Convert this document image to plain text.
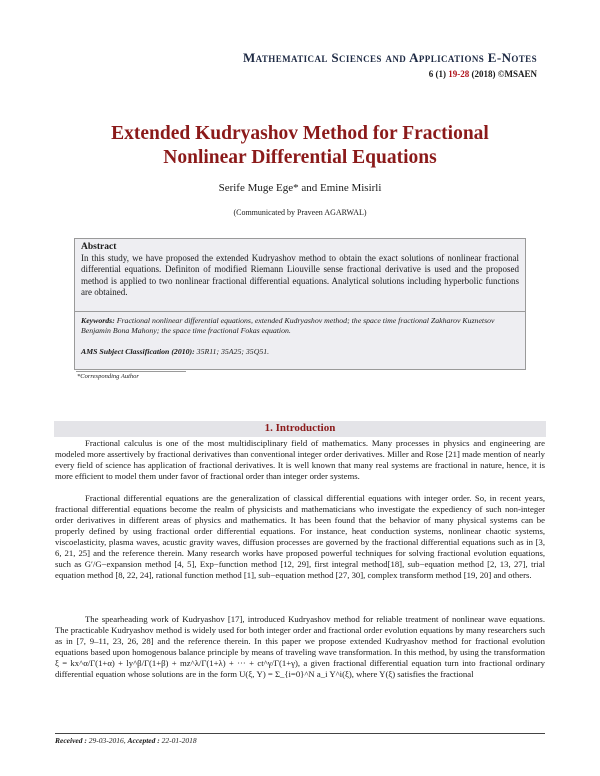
Mathematical Sciences and Applications E-Notes
6 (1) 19-28 (2018) ©MSAEN
Extended Kudryashov Method for Fractional
Nonlinear Differential Equations
Serife Muge Ege* and Emine Misirli
(Communicated by Praveen AGARWAL)
Abstract
In this study, we have proposed the extended Kudryashov method to obtain the exact solutions of nonlinear fractional differential equations. Definiton of modified Riemann Liouville sense fractional derivative is used and the proposed method is applied to two nonlinear fractional differential equations. Analytical solutions including hyperbolic functions are obtained.
Keywords: Fractional nonlinear differential equations, extended Kudryashov method; the space time fractional Zakharov Kuznetsov Benjamin Bona Mahony; the space time fractional Fokas equation.
AMS Subject Classification (2010): 35R11; 35A25; 35Q51.
*Corresponding Author
1. Introduction
Fractional calculus is one of the most multidisciplinary field of mathematics. Many processes in physics and engineering are modeled more assertively by fractional derivatives than conventional integer order derivatives. Miller and Rose [21] made mention of nearly every field of science has application of fractional derivatives. It is well known that many real systems are fractional in nature, hence, it is more efficient to model them under favor of fractional order than integer order systems.
Fractional differential equations are the generalization of classical differential equations with integer order. So, in recent years, fractional differential equations become the realm of physicists and mathematicians who investigate the expediency of such non-integer order derivatives in different areas of physics and mathematics. It has been found that the behavior of many physical systems can be properly defined by using fractional order differential equations. For instance, heat conduction systems, nonlinear chaotic systems, viscoelasticity, plasma waves, acustic gravity waves, diffusion processes are governed by the fractional differential equations such as in [3, 6, 21, 25] and the reference therein. Many research works have proposed powerful techniques for solving fractional evolution equations, such as G′/G−expansion method [4, 5], Exp−function method [12, 29], first integral method[18], sub−equation method [2, 13, 27], trial equation method [8, 22, 24], rational function method [1], sub−equation method [27, 30], complex transform method [19, 20] and others.
The spearheading work of Kudryashov [17], introduced Kudryashov method for reliable treatment of nonlinear wave equations. The practicable Kudryashov method is widely used for both integer order and fractional order evolution equations by many researchers such as in [7, 9–11, 23, 26, 28] and the reference therein. In this paper we propose extended Kudryashov method for fractional evolution equations based upon homogenous balance principle by means of traveling wave transformation. In this method, by using the transformation ξ = kx^α/Γ(1+α) + ly^β/Γ(1+β) + mz^λ/Γ(1+λ) + ··· + ct^γ/Γ(1+γ), a given fractional differential equation turn into fractional ordinary differential equation whose solutions are in the form U(ξ, Y) = Σ_{i=0}^N a_i Y^i(ξ), where Y(ξ) satisfies the fractional
Received : 29-03-2016, Accepted : 22-01-2018
